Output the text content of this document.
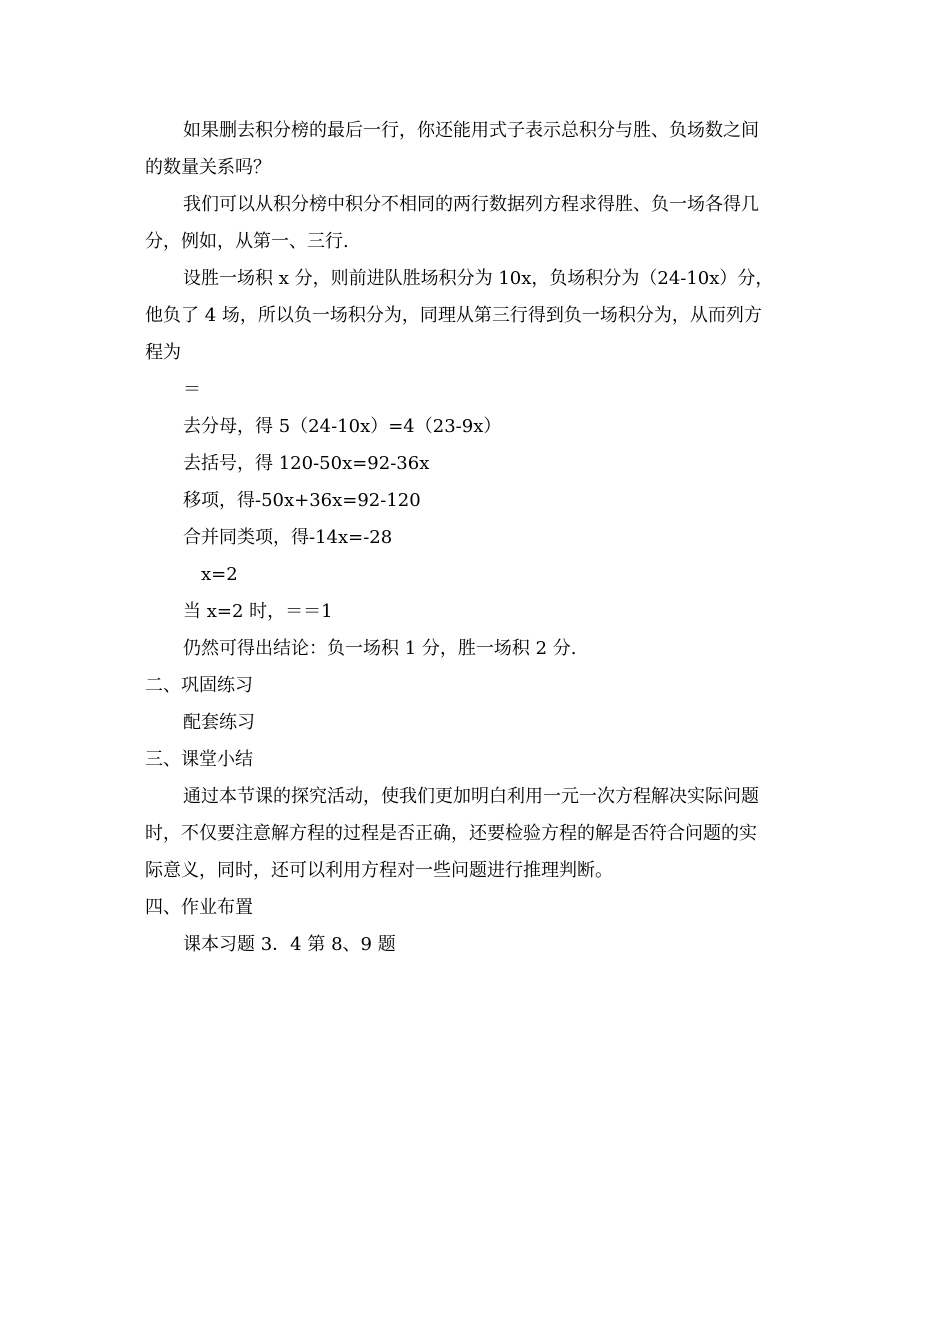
如果删去积分榜的最后一行，你还能用式子表示总积分与胜、负场数之间

的数量关系吗？

我们可以从积分榜中积分不相同的两行数据列方程求得胜、负一场各得几

分，例如，从第一、三行.

设胜一场积 x 分，则前进队胜场积分为 10x，负场积分为（24-10x）分，

他负了 4 场，所以负一场积分为，同理从第三行得到负一场积分为，从而列方

程为

＝

去分母，得 5（24-10x）=4（23-9x）

去括号，得 120-50x=92-36x

移项，得-50x+36x=92-120

合并同类项，得-14x=-28

x=2

当 x=2 时，＝＝1

仍然可得出结论：负一场积 1 分，胜一场积 2 分.

二、巩固练习

配套练习

三、课堂小结

通过本节课的探究活动，使我们更加明白利用一元一次方程解决实际问题

时，不仅要注意解方程的过程是否正确，还要检验方程的解是否符合问题的实

际意义，同时，还可以利用方程对一些问题进行推理判断。

四、作业布置

课本习题 3．4 第 8、9 题
